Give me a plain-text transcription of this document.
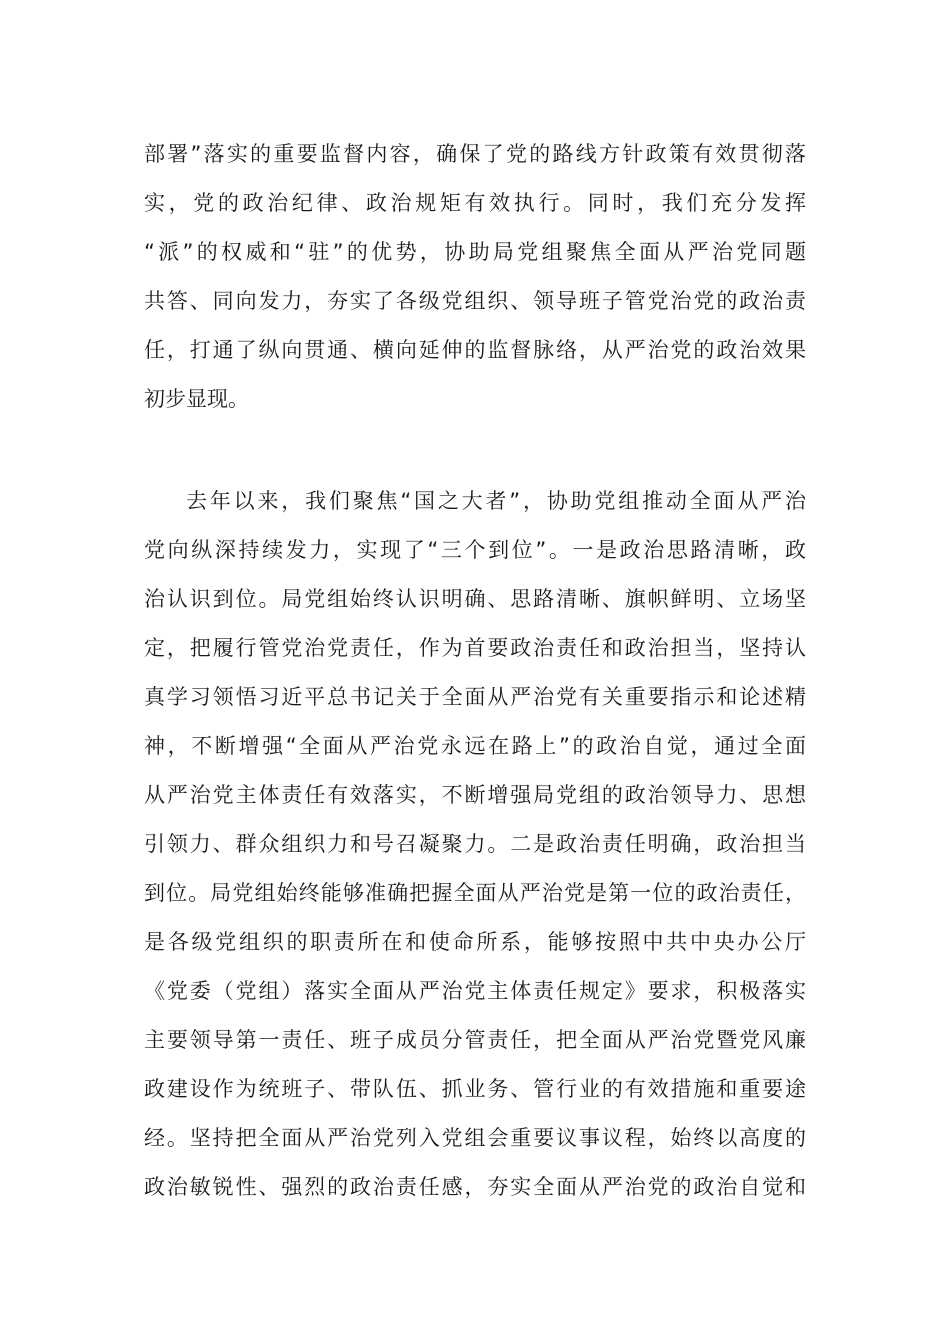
部署”落实的重要监督内容，确保了党的路线方针政策有效贯彻落
实，党的政治纪律、政治规矩有效执行。同时，我们充分发挥
“派”的权威和“驻”的优势，协助局党组聚焦全面从严治党同题
共答、同向发力，夯实了各级党组织、领导班子管党治党的政治责
任，打通了纵向贯通、横向延伸的监督脉络，从严治党的政治效果
初步显现。
去年以来，我们聚焦“国之大者”，协助党组推动全面从严治
党向纵深持续发力，实现了“三个到位”。一是政治思路清晰，政
治认识到位。局党组始终认识明确、思路清晰、旗帜鲜明、立场坚
定，把履行管党治党责任，作为首要政治责任和政治担当，坚持认
真学习领悟习近平总书记关于全面从严治党有关重要指示和论述精
神，不断增强“全面从严治党永远在路上”的政治自觉，通过全面
从严治党主体责任有效落实，不断增强局党组的政治领导力、思想
引领力、群众组织力和号召凝聚力。二是政治责任明确，政治担当
到位。局党组始终能够准确把握全面从严治党是第一位的政治责任，
是各级党组织的职责所在和使命所系，能够按照中共中央办公厅
《党委（党组）落实全面从严治党主体责任规定》要求，积极落实
主要领导第一责任、班子成员分管责任，把全面从严治党暨党风廉
政建设作为统班子、带队伍、抓业务、管行业的有效措施和重要途
经。坚持把全面从严治党列入党组会重要议事议程，始终以高度的
政治敏锐性、强烈的政治责任感，夯实全面从严治党的政治自觉和
